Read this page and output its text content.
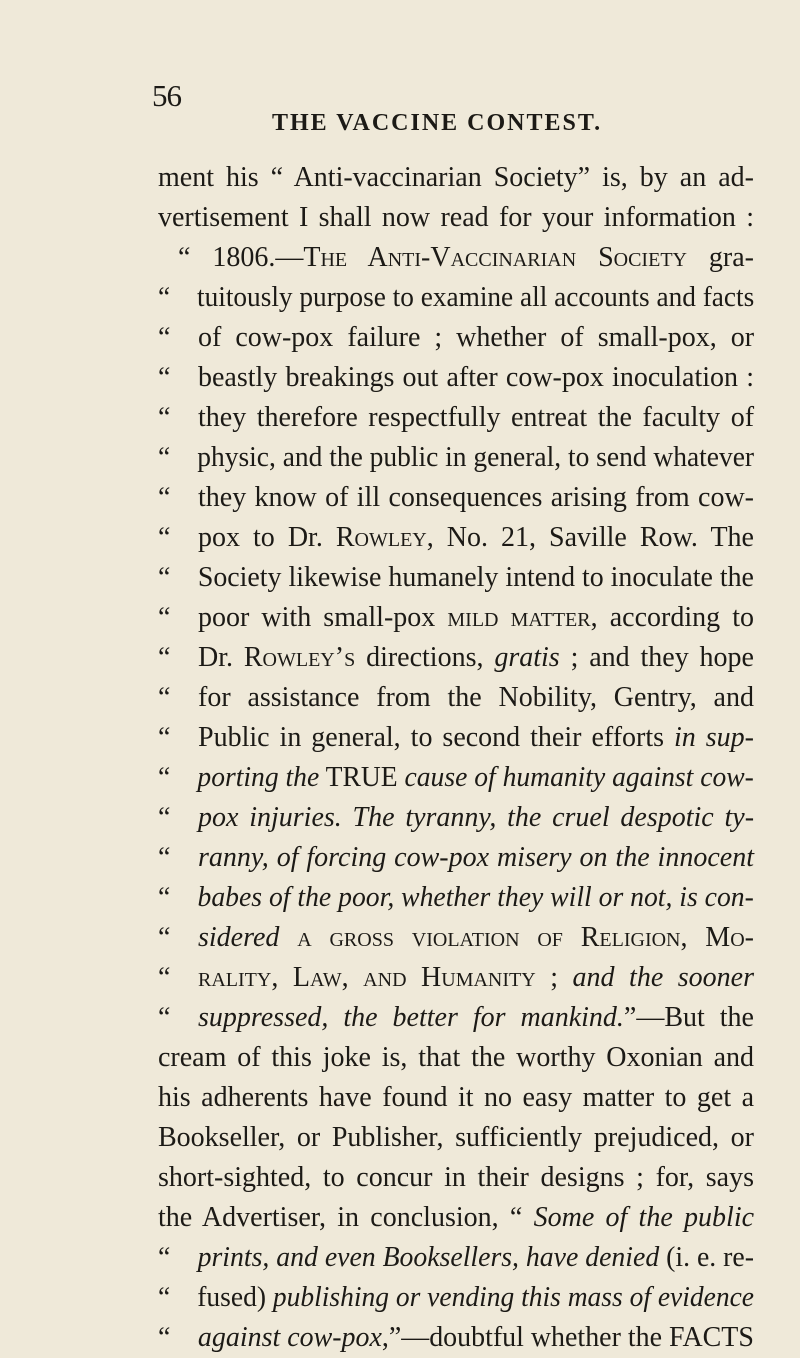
56
THE VACCINE CONTEST.
ment his “ Anti-vaccinarian Society” is, by an ad-
vertisement I shall now read for your information :
“ 1806.—The Anti-Vaccinarian Society gra-
“ tuitously purpose to examine all accounts and facts
“ of cow-pox failure ; whether of small-pox, or
“ beastly breakings out after cow-pox inoculation :
“ they therefore respectfully entreat the faculty of
“ physic, and the public in general, to send whatever
“ they know of ill consequences arising from cow-
“ pox to Dr. Rowley, No. 21, Saville Row. The
“ Society likewise humanely intend to inoculate the
“ poor with small-pox mild matter, according to
“ Dr. Rowley’s directions, gratis ; and they hope
“ for assistance from the Nobility, Gentry, and
“ Public in general, to second their efforts in sup-
“ porting the TRUE cause of humanity against cow-
“ pox injuries. The tyranny, the cruel despotic ty-
“ ranny, of forcing cow-pox misery on the innocent
“ babes of the poor, whether they will or not, is con-
“ sidered a gross violation of Religion, Mo-
“ rality, Law, and Humanity ; and the sooner
“ suppressed, the better for mankind.”—But the
cream of this joke is, that the worthy Oxonian and
his adherents have found it no easy matter to get a
Bookseller, or Publisher, sufficiently prejudiced, or
short-sighted, to concur in their designs ; for, says
the Advertiser, in conclusion, “ Some of the public
“ prints, and even Booksellers, have denied (i. e. re-
“ fused) publishing or vending this mass of evidence
“ against cow-pox,”—doubtful whether the FACTS
